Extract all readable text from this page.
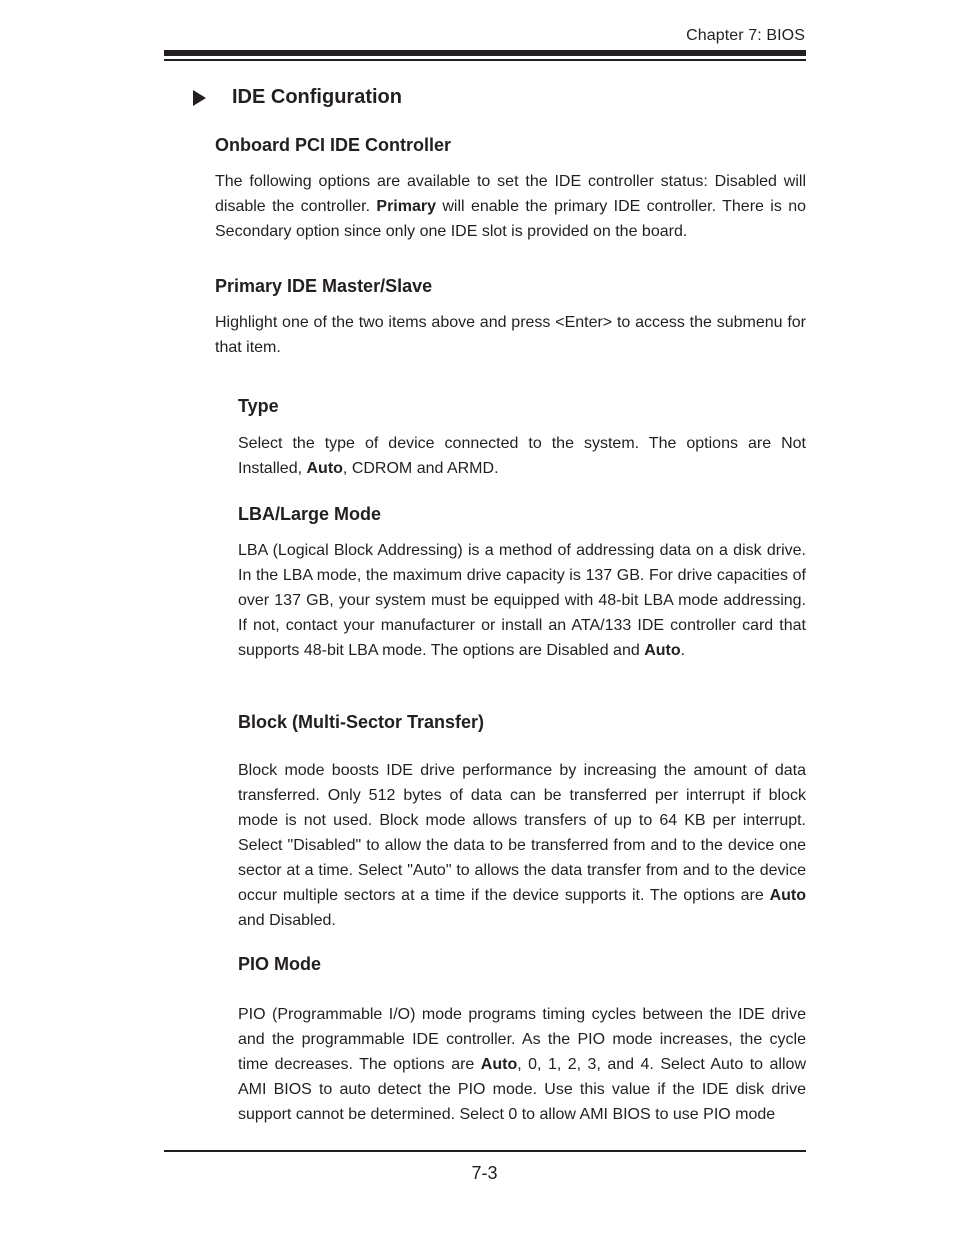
Chapter 7: BIOS
IDE Configuration
Onboard PCI IDE Controller

The following options are available to set the IDE controller status: Disabled will disable the controller. Primary will enable the primary IDE controller. There is no Secondary option since only one IDE slot is provided on the board.

Primary IDE Master/Slave

Highlight one of the two items above and press <Enter> to access the submenu for that item.

Type

Select the type of device connected to the system. The options are Not Installed, Auto, CDROM and ARMD.

LBA/Large Mode

LBA (Logical Block Addressing) is a method of addressing data on a disk drive. In the LBA mode, the maximum drive capacity is 137 GB. For drive capacities of over 137 GB, your system must be equipped with 48-bit LBA mode addressing. If not, contact your manufacturer or install an ATA/133 IDE controller card that supports 48-bit LBA mode. The options are Disabled and Auto.

Block (Multi-Sector Transfer)

Block mode boosts IDE drive performance by increasing the amount of data transferred. Only 512 bytes of data can be transferred per interrupt if block mode is not used. Block mode allows transfers of up to 64 KB per interrupt. Select "Disabled" to allow the data to be transferred from and to the device one sector at a time. Select "Auto" to allows the data transfer from and to the device occur multiple sectors at a time if the device supports it. The options are Auto and Disabled.

PIO Mode

PIO (Programmable I/O) mode programs timing cycles between the IDE drive and the programmable IDE controller. As the PIO mode increases, the cycle time decreases. The options are Auto, 0, 1, 2, 3, and 4. Select Auto to allow AMI BIOS to auto detect the PIO mode. Use this value if the IDE disk drive support cannot be determined. Select 0 to allow AMI BIOS to use PIO mode

7-3
